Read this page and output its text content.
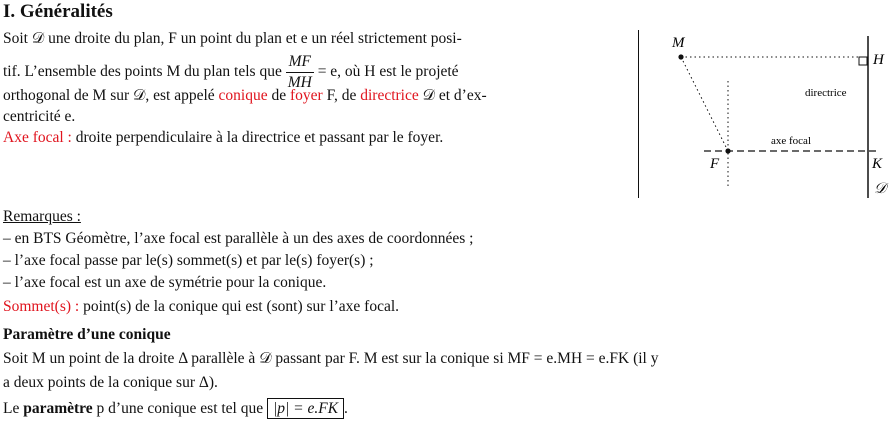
I. Généralités
Soit 𝒟 une droite du plan, F un point du plan et e un réel strictement posi-
tif. L’ensemble des points M du plan tels que $\frac{MF}{MH} = e$, où H est le projeté
orthogonal de M sur 𝒟, est appelé conique de foyer F, de directrice 𝒟 et d’ex-
centricité e.
Axe focal : droite perpendiculaire à la directrice et passant par le foyer.
M
H
F	K
𝒟
directrice
axe focal
Remarques :
– en BTS Géomètre, l’axe focal est parallèle à un des axes de coordonnées ;
– l’axe focal passe par le(s) sommet(s) et par le(s) foyer(s) ;
– l’axe focal est un axe de symétrie pour la conique.
Sommet(s) : point(s) de la conique qui est (sont) sur l’axe focal.
Paramètre d’une conique
Soit M un point de la droite Δ parallèle à 𝒟 passant par F. M est sur la conique si MF = e.MH = e.FK (il y
a deux points de la conique sur Δ).
Le paramètre p d’une conique est tel que |p| = e.FK .
